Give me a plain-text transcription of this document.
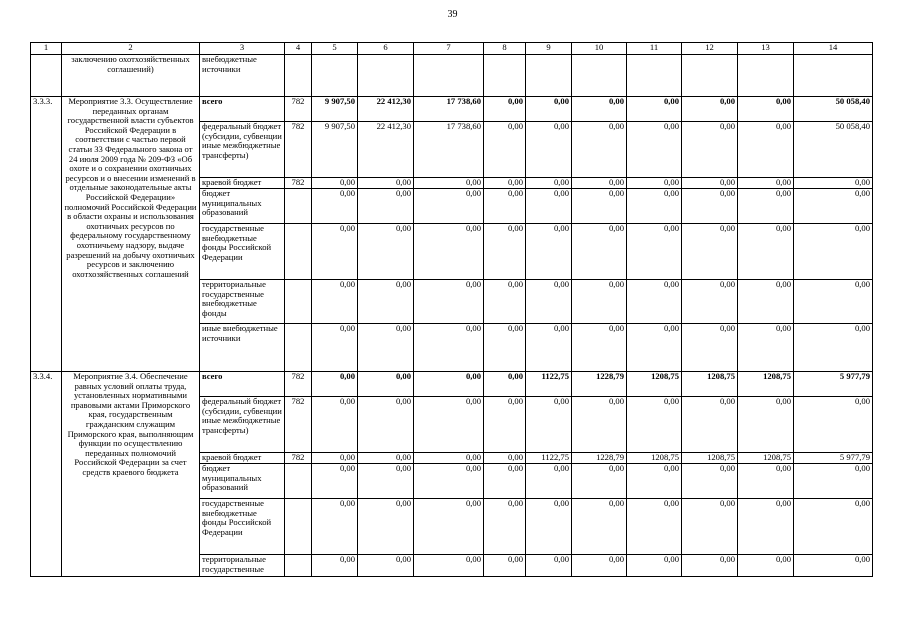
39
1	2	3	4	5	6	7	8	9	10	11	12	13	14
	заключению охотхозяйственных соглашений)	внебюджетные источники											
3.3.3.	Мероприятие 3.3. Осуществление переданных органам государственной власти субъектов Российской Федерации в соответствии с частью первой статьи 33 Федерального закона от 24 июля 2009 года № 209-ФЗ «Об охоте и о сохранении охотничьих ресурсов и о внесении изменений в отдельные законодательные акты Российской Федерации» полномочий Российской Федерации в области охраны и использования охотничьих ресурсов по федеральному государственному охотничьему надзору, выдаче разрешений на добычу охотничьих ресурсов и заключению охотхозяйственных соглашений	всего	782	9 907,50	22 412,30	17 738,60	0,00	0,00	0,00	0,00	0,00	0,00	50 058,40
		федеральный бюджет (субсидии, субвенции иные межбюджетные трансферты)	782	9 907,50	22 412,30	17 738,60	0,00	0,00	0,00	0,00	0,00	0,00	50 058,40
		краевой бюджет	782	0,00	0,00	0,00	0,00	0,00	0,00	0,00	0,00	0,00	0,00
		бюджет муниципальных образований		0,00	0,00	0,00	0,00	0,00	0,00	0,00	0,00	0,00	0,00
		государственные внебюджетные фонды Российской Федерации		0,00	0,00	0,00	0,00	0,00	0,00	0,00	0,00	0,00	0,00
		территориальные государственные внебюджетные фонды		0,00	0,00	0,00	0,00	0,00	0,00	0,00	0,00	0,00	0,00
		иные внебюджетные источники		0,00	0,00	0,00	0,00	0,00	0,00	0,00	0,00	0,00	0,00
3.3.4.	Мероприятие 3.4. Обеспечение равных условий оплаты труда, установленных нормативными правовыми актами Приморского края, государственным гражданским служащим Приморского края, выполняющим функции по осуществлению переданных полномочий Российской Федерации за счет средств краевого бюджета	всего	782	0,00	0,00	0,00	0,00	1122,75	1228,79	1208,75	1208,75	1208,75	5 977,79
		федеральный бюджет (субсидии, субвенции иные межбюджетные трансферты)	782	0,00	0,00	0,00	0,00	0,00	0,00	0,00	0,00	0,00	0,00
		краевой бюджет	782	0,00	0,00	0,00	0,00	1122,75	1228,79	1208,75	1208,75	1208,75	5 977,79
		бюджет муниципальных образований		0,00	0,00	0,00	0,00	0,00	0,00	0,00	0,00	0,00	0,00
		государственные внебюджетные фонды Российской Федерации		0,00	0,00	0,00	0,00	0,00	0,00	0,00	0,00	0,00	0,00
		территориальные государственные		0,00	0,00	0,00	0,00	0,00	0,00	0,00	0,00	0,00	0,00
